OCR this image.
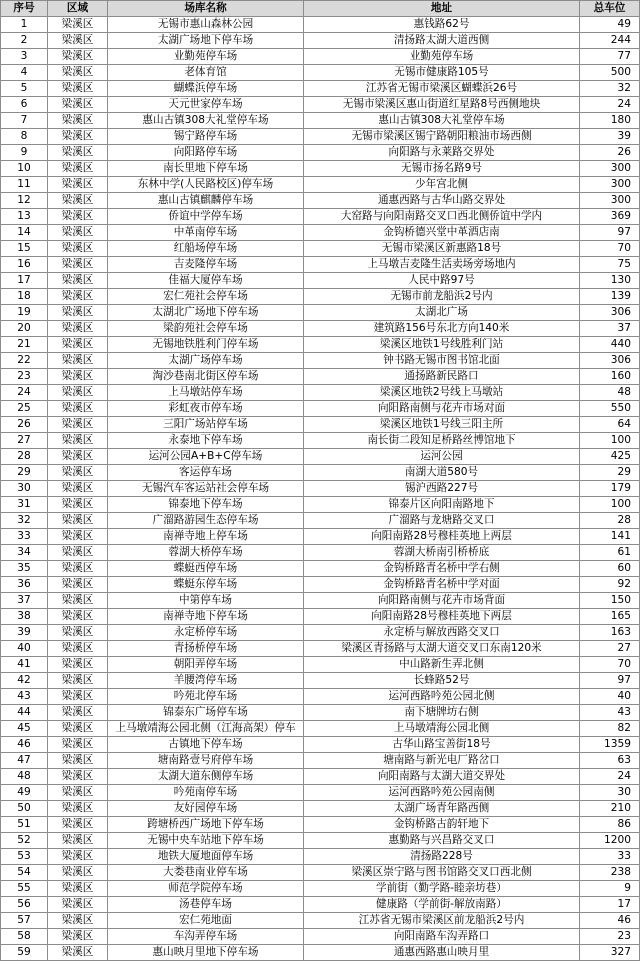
序号	区域	场库名称	地址	总车位
1	梁溪区	无锡市惠山森林公园	惠钱路62号	49
2	梁溪区	太湖广场地下停车场	清扬路太湖大道西侧	244
3	梁溪区	业勤苑停车场	业勤苑停车场	77
4	梁溪区	老体育馆	无锡市健康路105号	500
5	梁溪区	蝴蝶浜停车场	江苏省无锡市梁溪区蝴蝶浜26号	32
6	梁溪区	天元世家停车场	无锡市梁溪区惠山街道红星路8号西侧地块	24
7	梁溪区	惠山古镇308大礼堂停车场	惠山古镇308大礼堂停车场	180
8	梁溪区	锡宁路停车场	无锡市梁溪区锡宁路朝阳粮油市场西侧	39
9	梁溪区	向阳路停车场	向阳路与永莱路交界处	26
10	梁溪区	南长里地下停车场	无锡市扬名路9号	300
11	梁溪区	东林中学(人民路校区)停车场	少年宫北侧	300
12	梁溪区	惠山古镇麒麟停车场	通惠西路与古华山路交界处	300
13	梁溪区	侨谊中学停车场	大窑路与向阳南路交叉口西北侧侨谊中学内	369
14	梁溪区	中革南停车场	金钩桥德兴堂中革酒店南	97
15	梁溪区	红船场停车场	无锡市梁溪区新惠路18号	70
16	梁溪区	吉麦隆停车场	上马墩吉麦隆生活卖场旁场地内	75
17	梁溪区	佳福大厦停车场	人民中路97号	130
18	梁溪区	宏仁苑社会停车场	无锡市前龙船浜2号内	139
19	梁溪区	太湖北广场地下停车场	太湖北广场	306
20	梁溪区	梁韵苑社会停车场	建筑路156号东北方向140米	37
21	梁溪区	无锡地铁胜利门停车场	梁溪区地铁1号线胜利门站	440
22	梁溪区	太湖广场停车场	钟书路无锡市图书馆北面	306
23	梁溪区	淘沙巷南北街区停车场	通扬路新民路口	160
24	梁溪区	上马墩站停车场	梁溪区地铁2号线上马墩站	48
25	梁溪区	彩虹夜市停车场	向阳路南侧与花卉市场对面	550
26	梁溪区	三阳广场站停车场	梁溪区地铁1号线三阳主所	64
27	梁溪区	永泰地下停车场	南长街二段知足桥路丝博馆地下	100
28	梁溪区	运河公园A+B+C停车场	运河公园	425
29	梁溪区	客运停车场	南湖大道580号	29
30	梁溪区	无锡汽车客运站社会停车场	锡沪西路227号	179
31	梁溪区	锦泰地下停车场	锦泰片区向阳南路地下	100
32	梁溪区	广溜路游园生态停车场	广溜路与龙塘路交叉口	28
33	梁溪区	南禅寺地上停车场	向阳南路28号穆桂英地上两层	141
34	梁溪区	蓉湖大桥停车场	蓉湖大桥南引桥桥底	61
35	梁溪区	蝶蜓西停车场	金钩桥路青名桥中学右侧	60
36	梁溪区	蝶蜓东停车场	金钩桥路青名桥中学对面	92
37	梁溪区	中第停车场	向阳路南侧与花卉市场背面	150
38	梁溪区	南禅寺地下停车场	向阳南路28号穆桂英地下两层	165
39	梁溪区	永定桥停车场	永定桥与解放西路交叉口	163
40	梁溪区	青扬桥停车场	梁溪区青扬路与太湖大道交叉口东南120米	27
41	梁溪区	朝阳弄停车场	中山路新生弄北侧	70
42	梁溪区	羊腰湾停车场	长蜂路52号	97
43	梁溪区	吟苑北停车场	运河西路吟苑公园北侧	40
44	梁溪区	锦泰东广场停车场	南下塘牌坊右侧	43
45	梁溪区	上马墩靖海公园北侧（江海高架）停车	上马墩靖海公园北侧	82
46	梁溪区	古镇地下停车场	古华山路宝善街18号	1359
47	梁溪区	塘南路壹号府停车场	塘南路与新光电厂路岔口	63
48	梁溪区	太湖大道东侧停车场	向阳南路与太湖大道交界处	24
49	梁溪区	吟苑南停车场	运河西路吟苑公园南侧	30
50	梁溪区	友好园停车场	太湖广场青年路西侧	210
51	梁溪区	跨塘桥西广场地下停车场	金钩桥路古韵轩地下	86
52	梁溪区	无锡中央车站地下停车场	惠勤路与兴昌路交叉口	1200
53	梁溪区	地铁大厦地面停车场	清扬路228号	33
54	梁溪区	大娄巷南业停车场	梁溪区崇宁路与图书馆路交叉口西北侧	238
55	梁溪区	师范学院停车场	学前街（勤学路-睦亲坊巷）	9
56	梁溪区	汤巷停车场	健康路（学前街-解放南路）	17
57	梁溪区	宏仁苑地面	江苏省无锡市梁溪区前龙船浜2号内	46
58	梁溪区	车沟弄停车场	向阳南路车沟弄路口	23
59	梁溪区	惠山映月里地下停车场	通惠西路惠山映月里	327
